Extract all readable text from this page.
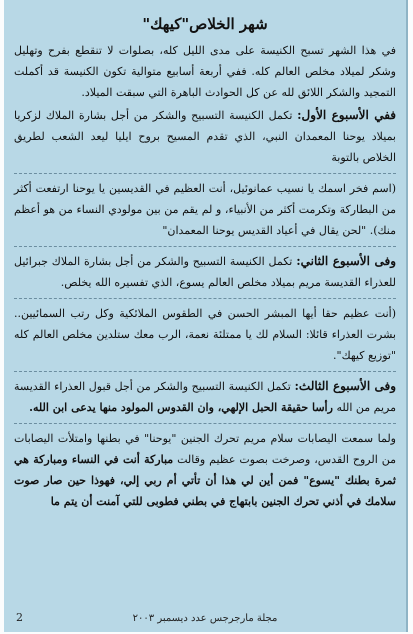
شهر الخلاص"كيهك"

في هذا الشهر تسبح الكنيسة على مدى الليل كله، بصلوات لا تنقطع بفرح وتهليل وشكر لميلاد مخلص العالم كله. ففي أربعة أسابيع متوالية تكون الكنيسة قد أكملت التمجيد والشكر اللائق لله عن كل الحوادث الباهرة التي سبقت الميلاد.

ففي الأسبوع الأول: تكمل الكنيسة التسبيح والشكر من أجل بشارة الملاك لزكريا بميلاد يوحنا المعمدان النبي، الذي تقدم المسيح بروح ايليا ليعد الشعب لطريق الخلاص بالتوبة

(اسم فخر اسمك يا نسيب عمانوئيل، أنت العظيم في القديسين يا يوحنا ارتفعت أكثر من البطاركة وتكرمت أكثر من الأنبياء، و لم يقم من بين مولودي النساء من هو أعظم منك). "لحن يقال في أعياد القديس يوحنا المعمدان"

وفى الأسبوع الثاني: تكمل الكنيسة التسبيح والشكر من أجل بشارة الملاك جبرائيل للعذراء القديسة مريم بميلاد مخلص العالم يسوع، الذي تفسيره الله يخلص.

(أنت عظيم حقا أيها المبشر الحسن في الطقوس الملائكية وكل رتب السمائيين.. بشرت العذراء قائلا: السلام لك يا ممتلئة نعمة، الرب معك ستلدين مخلص العالم كله "توزيع كيهك".

وفى الأسبوع الثالث: تكمل الكنيسة التسبيح والشكر من أجل قبول العذراء القديسة مريم من الله رأسا حقيقة الحبل الإلهي، وان القدوس المولود منها يدعى ابن الله.

ولما سمعت اليصابات سلام مريم تحرك الجنين "يوحنا" في بطنها وامتلأت اليصابات من الروح القدس، وصرخت بصوت عظيم وقالت مباركة أنت في النساء ومباركة هي ثمرة بطنك "يسوع" فمن أين لي هذا أن تأتي أم ربي إلي، فهوذا حين صار صوت سلامك في أذني تحرك الجنين بابتهاج في بطني فطوبى للتي آمنت أن يتم ما

2	مجلة مارجرجس عدد ديسمبر ٢٠٠٣
